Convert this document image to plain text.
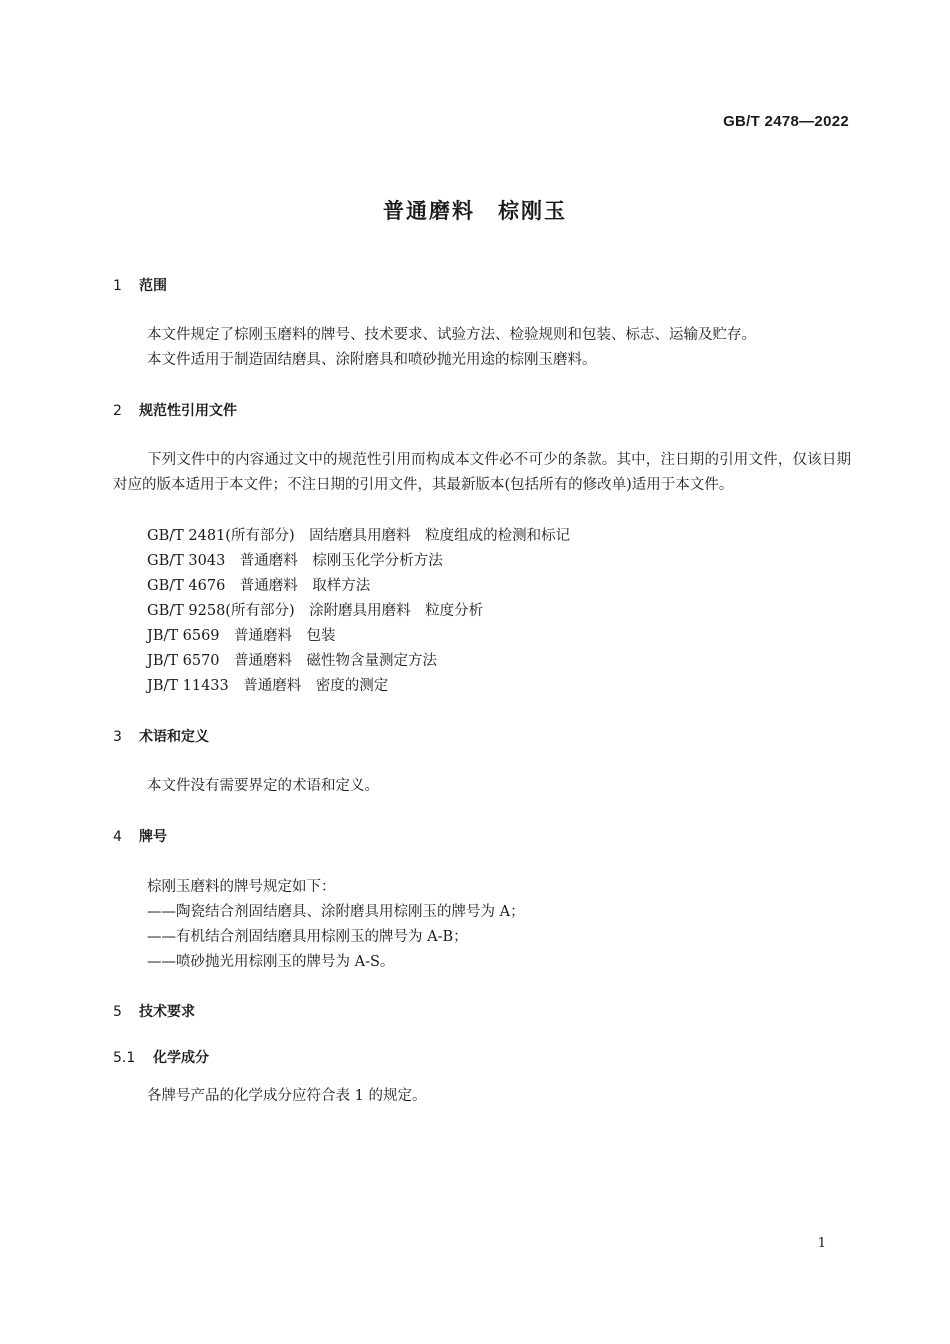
GB/T 2478—2022
普通磨料　棕刚玉
1 范围
本文件规定了棕刚玉磨料的牌号、技术要求、试验方法、检验规则和包装、标志、运输及贮存。
本文件适用于制造固结磨具、涂附磨具和喷砂抛光用途的棕刚玉磨料。
2 规范性引用文件
下列文件中的内容通过文中的规范性引用而构成本文件必不可少的条款。其中，注日期的引用文件，仅该日期对应的版本适用于本文件；不注日期的引用文件，其最新版本(包括所有的修改单)适用于本文件。
GB/T 2481(所有部分)　固结磨具用磨料　粒度组成的检测和标记
GB/T 3043　普通磨料　棕刚玉化学分析方法
GB/T 4676　普通磨料　取样方法
GB/T 9258(所有部分)　涂附磨具用磨料　粒度分析
JB/T 6569　普通磨料　包装
JB/T 6570　普通磨料　磁性物含量测定方法
JB/T 11433　普通磨料　密度的测定
3 术语和定义
本文件没有需要界定的术语和定义。
4 牌号
棕刚玉磨料的牌号规定如下：
——陶瓷结合剂固结磨具、涂附磨具用棕刚玉的牌号为 A；
——有机结合剂固结磨具用棕刚玉的牌号为 A-B；
——喷砂抛光用棕刚玉的牌号为 A-S。
5 技术要求
5.1 化学成分
各牌号产品的化学成分应符合表 1 的规定。
1
